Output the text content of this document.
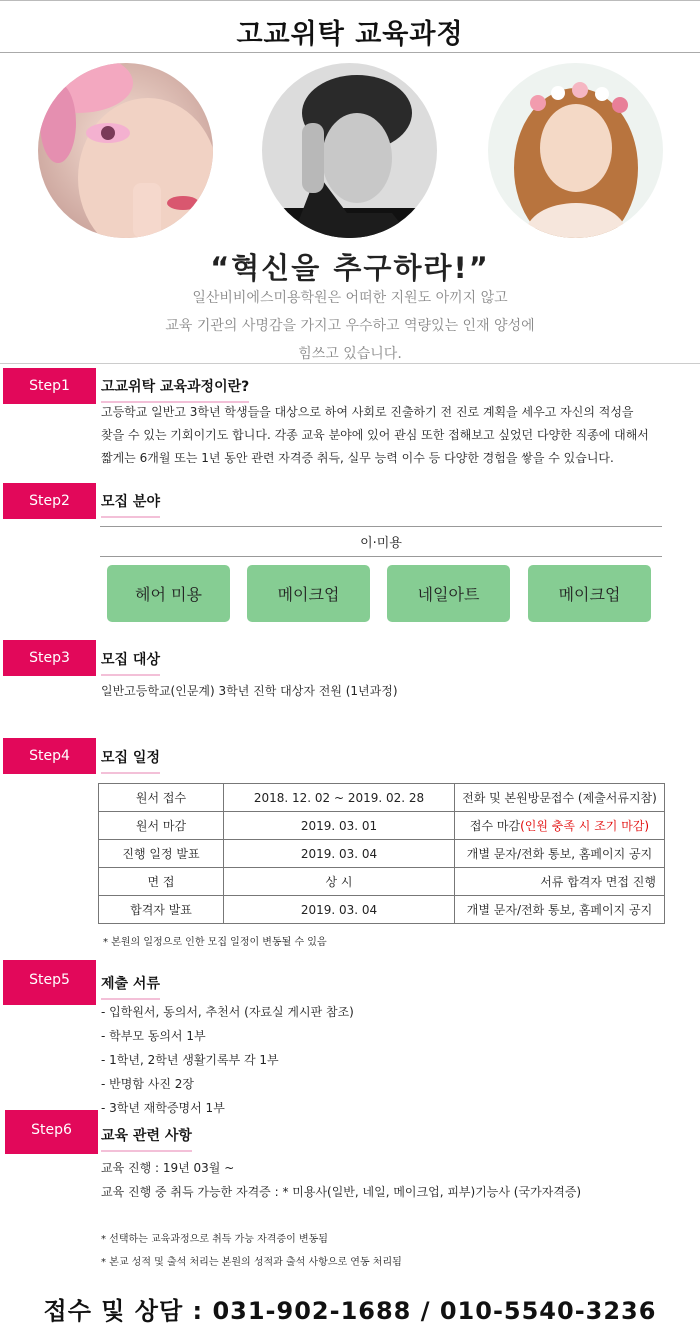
고교위탁 교육과정
“혁신을 추구하라!”
일산비비에스미용학원은 어떠한 지원도 아끼지 않고
교육 기관의 사명감을 가지고 우수하고 역량있는 인재 양성에
힘쓰고 있습니다.
Step1	고교위탁 교육과정이란?
고등학교 일반고 3학년 학생들을 대상으로 하여 사회로 진출하기 전 진로 계획을 세우고 자신의 적성을
찾을 수 있는 기회이기도 합니다. 각종 교육 분야에 있어 관심 또한 접해보고 싶었던 다양한 직종에 대해서
짧게는 6개월 또는 1년 동안 관련 자격증 취득, 실무 능력 이수 등 다양한 경험을 쌓을 수 있습니다.
Step2	모집 분야
이·미용
헤어 미용	메이크업	네일아트	메이크업
Step3	모집 대상
일반고등학교(인문계) 3학년 진학 대상자 전원 (1년과정)
Step4	모집 일정
원서 접수	2018. 12. 02 ~ 2019. 02. 28	전화 및 본원방문접수 (제출서류지참)
원서 마감	2019. 03. 01	접수 마감(인원 충족 시 조기 마감)
진행 일정 발표	2019. 03. 04	개별 문자/전화 통보, 홈페이지 공지
면 접	상 시	서류 합격자 면접 진행
합격자 발표	2019. 03. 04	개별 문자/전화 통보, 홈페이지 공지
* 본원의 일정으로 인한 모집 일정이 변동될 수 있음
Step5	제출 서류
- 입학원서, 동의서, 추천서 (자료실 게시판 참조)
- 학부모 동의서 1부
- 1학년, 2학년 생활기록부 각 1부
- 반명함 사진 2장
- 3학년 재학증명서 1부
Step6	교육 관련 사항
교육 진행 : 19년 03월 ~
교육 진행 중 취득 가능한 자격증 : * 미용사(일반, 네일, 메이크업, 피부)기능사 (국가자격증)
* 선택하는 교육과정으로 취득 가능 자격증이 변동됨
* 본교 성적 및 출석 처리는 본원의 성적과 출석 사항으로 연동 처리됨
접수 및 상담 : 031-902-1688 / 010-5540-3236
